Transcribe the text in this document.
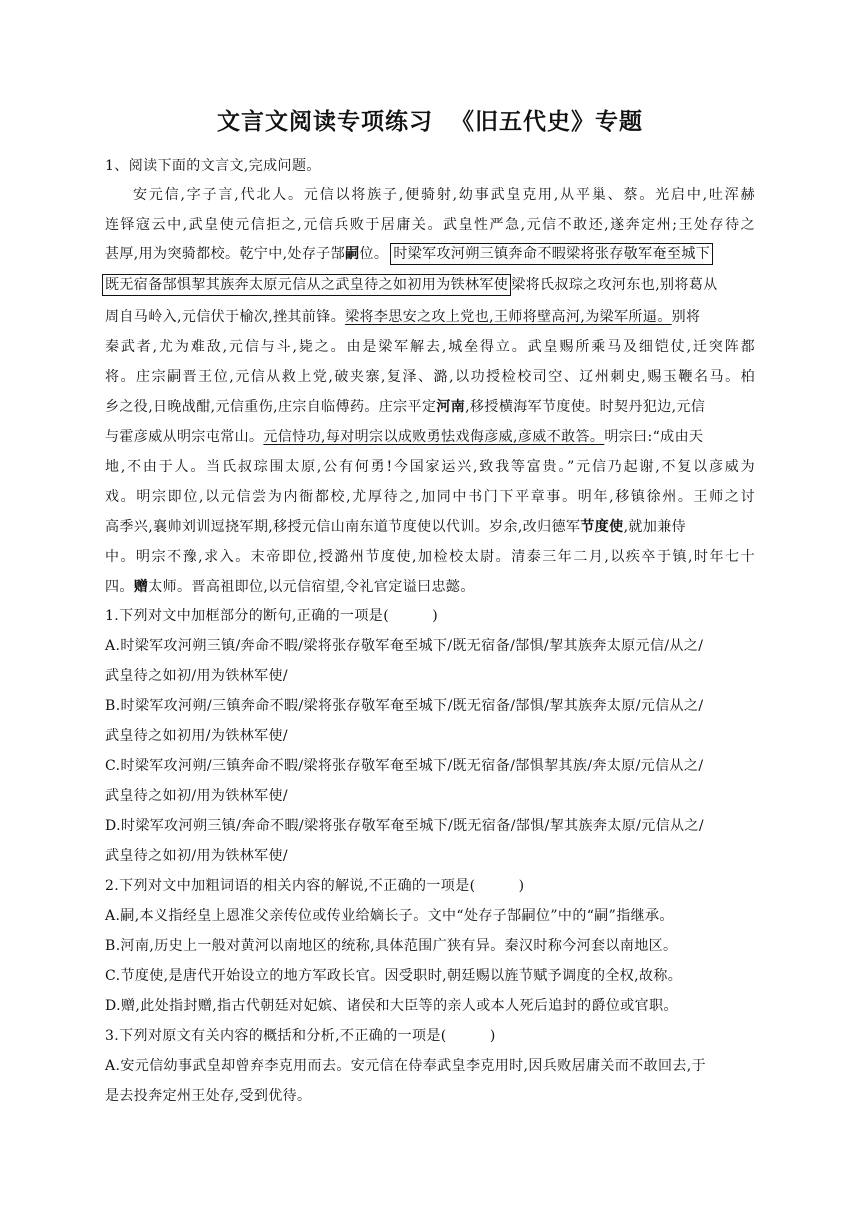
文言文阅读专项练习  《旧五代史》专题
1、阅读下面的文言文,完成问题。
安元信,字子言,代北人。元信以将族子,便骑射,幼事武皇克用,从平巢、蔡。光启中,吐浑赫
连铎寇云中,武皇使元信拒之,元信兵败于居庸关。武皇性严急,元信不敢还,遂奔定州;王处存待之
甚厚,用为突骑都校。乾宁中,处存子郜嗣位。 时梁军攻河朔三镇奔命不暇梁将张存敬军奄至城下
既无宿备郜惧挈其族奔太原元信从之武皇待之如初用为铁林军使 梁将氏叔琮之攻河东也,别将葛从
周自马岭入,元信伏于榆次,挫其前锋。梁将李思安之攻上党也,王师将壁高河,为梁军所逼。别将
秦武者,尤为难敌,元信与斗,毙之。由是梁军解去,城垒得立。武皇赐所乘马及细铠仗,迁突阵都
将。庄宗嗣晋王位,元信从救上党,破夹寨,复泽、潞,以功授检校司空、辽州刺史,赐玉鞭名马。柏
乡之役,日晚战酣,元信重伤,庄宗自临傅药。庄宗平定河南,移授横海军节度使。时契丹犯边,元信
与霍彦威从明宗屯常山。元信恃功,每对明宗以成败勇怯戏侮彦威,彦威不敢答。明宗曰:“成由天
地,不由于人。当氏叔琮围太原,公有何勇!今国家运兴,致我等富贵。”元信乃起谢,不复以彦威为
戏。明宗即位,以元信尝为内衙都校,尤厚待之,加同中书门下平章事。明年,移镇徐州。王师之讨
高季兴,襄帅刘训逗挠军期,移授元信山南东道节度使以代训。岁余,改归德军节度使,就加兼侍
中。明宗不豫,求入。末帝即位,授潞州节度使,加检校太尉。清泰三年二月,以疾卒于镇,时年七十
四。赠太师。晋高祖即位,以元信宿望,令礼官定谥曰忠懿。
1.下列对文中加框部分的断句,正确的一项是(　　　)
A.时梁军攻河朔三镇/奔命不暇/梁将张存敬军奄至城下/既无宿备/郜惧/挈其族奔太原元信/从之/
武皇待之如初/用为铁林军使/
B.时梁军攻河朔/三镇奔命不暇/梁将张存敬军奄至城下/既无宿备/郜惧/挈其族奔太原/元信从之/
武皇待之如初用/为铁林军使/
C.时梁军攻河朔/三镇奔命不暇/梁将张存敬军奄至城下/既无宿备/郜惧挈其族/奔太原/元信从之/
武皇待之如初/用为铁林军使/
D.时梁军攻河朔三镇/奔命不暇/梁将张存敬军奄至城下/既无宿备/郜惧/挈其族奔太原/元信从之/
武皇待之如初/用为铁林军使/
2.下列对文中加粗词语的相关内容的解说,不正确的一项是(　　　)
A.嗣,本义指经皇上恩准父亲传位或传业给嫡长子。文中“处存子郜嗣位”中的“嗣”指继承。
B.河南,历史上一般对黄河以南地区的统称,具体范围广狭有异。秦汉时称今河套以南地区。
C.节度使,是唐代开始设立的地方军政长官。因受职时,朝廷赐以旌节赋予调度的全权,故称。
D.赠,此处指封赠,指古代朝廷对妃嫔、诸侯和大臣等的亲人或本人死后追封的爵位或官职。
3.下列对原文有关内容的概括和分析,不正确的一项是(　　　)
A.安元信幼事武皇却曾弃李克用而去。安元信在侍奉武皇李克用时,因兵败居庸关而不敢回去,于
是去投奔定州王处存,受到优待。
